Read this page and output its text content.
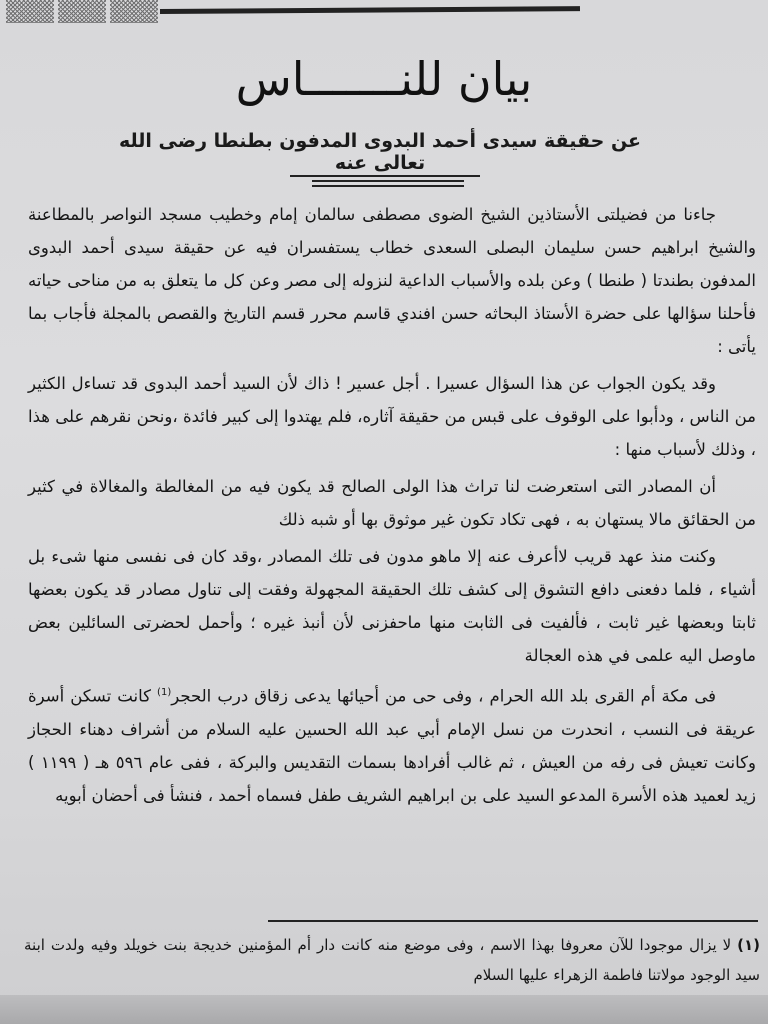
بيان للنـــــــاس
عن حقيقة سيدى أحمد البدوى المدفون بطنطا رضى الله تعالى عنه

جاءنا من فضيلتى الأستاذين الشيخ الضوى مصطفى سالمان إمام وخطيب مسجد النواصر بالمطاعنة والشيخ ابراهيم حسن سليمان البصلى السعدى خطاب يستفسران فيه عن حقيقة سيدى أحمد البدوى المدفون بطندتا ( طنطا ) وعن بلده والأسباب الداعية لنزوله إلى مصر وعن كل ما يتعلق به من مناحى حياته فأحلنا سؤالها على حضرة الأستاذ البحاثه حسن افندي قاسم محرر قسم التاريخ والقصص بالمجلة فأجاب بما يأتى :

وقد يكون الجواب عن هذا السؤال عسيرا . أجل عسير ! ذاك لأن السيد أحمد البدوى قد تساءل الكثير من الناس ، ودأبوا على الوقوف على قبس من حقيقة آثاره، فلم يهتدوا إلى كبير فائدة ،ونحن نقرهم على هذا ، وذلك لأسباب منها :

أن المصادر التى استعرضت لنا تراث هذا الولى الصالح قد يكون فيه من المغالطة والمغالاة في كثير من الحقائق مالا يستهان به ، فهى تكاد تكون غير موثوق بها أو شبه ذلك

وكنت منذ عهد قريب لاأعرف عنه إلا ماهو مدون فى تلك المصادر ،وقد كان فى نفسى منها شىء بل أشياء ، فلما دفعنى دافع التشوق إلى كشف تلك الحقيقة المجهولة وفقت إلى تناول مصادر قد يكون بعضها ثابتا وبعضها غير ثابت ، فألفيت فى الثابت منها ماحفزنى لأن أنبذ غيره ؛ وأحمل لحضرتى السائلين بعض ماوصل اليه علمى في هذه العجالة

فى مكة أم القرى بلد الله الحرام ، وفى حى من أحيائها يدعى زقاق درب الحجر$^{(1)}$ كانت تسكن أسرة عريقة فى النسب ، انحدرت من نسل الإمام أبي عبد الله الحسين عليه السلام من أشراف دهناء الحجاز وكانت تعيش فى رفه من العيش ، ثم غالب أفرادها بسمات التقديس والبركة ، ففى عام ٥٩٦ هـ ( ١١٩٩ ) زيد لعميد هذه الأسرة المدعو السيد على بن ابراهيم الشريف طفل فسماه أحمد ، فنشأ فى أحضان أبويه

(١) لا يزال موجودا للآن معروفا بهذا الاسم ، وفى موضع منه كانت دار أم المؤمنين خديجة بنت خويلد وفيه ولدت ابنة سيد الوجود مولاتنا فاطمة الزهراء عليها السلام
